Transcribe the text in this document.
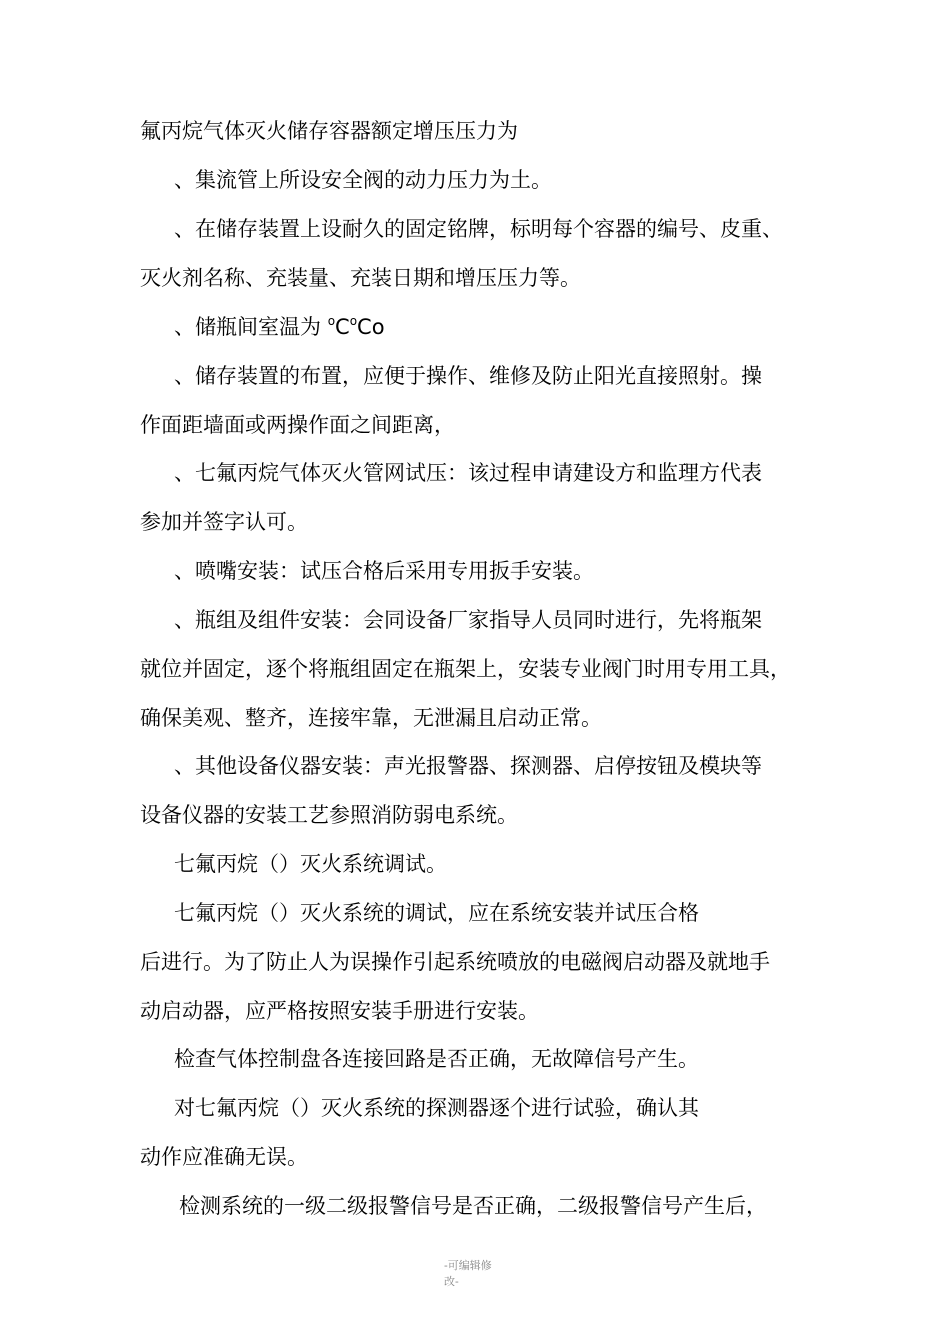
氟丙烷气体灭火储存容器额定增压压力为
、集流管上所设安全阀的动力压力为土。
、在储存装置上设耐久的固定铭牌，标明每个容器的编号、皮重、
灭火剂名称、充装量、充装日期和增压压力等。
、储瓶间室温为 $^oC^oCo$
、储存装置的布置，应便于操作、维修及防止阳光直接照射。操
作面距墙面或两操作面之间距离，
、七氟丙烷气体灭火管网试压：该过程申请建设方和监理方代表
参加并签字认可。
、喷嘴安装：试压合格后采用专用扳手安装。
、瓶组及组件安装：会同设备厂家指导人员同时进行，先将瓶架
就位并固定，逐个将瓶组固定在瓶架上，安装专业阀门时用专用工具，
确保美观、整齐，连接牢靠，无泄漏且启动正常。
、其他设备仪器安装：声光报警器、探测器、启停按钮及模块等
设备仪器的安装工艺参照消防弱电系统。
七氟丙烷（）灭火系统调试。
七氟丙烷（）灭火系统的调试，应在系统安装并试压合格
后进行。为了防止人为误操作引起系统喷放的电磁阀启动器及就地手
动启动器，应严格按照安装手册进行安装。
检查气体控制盘各连接回路是否正确，无故障信号产生。
对七氟丙烷（）灭火系统的探测器逐个进行试验，确认其
动作应准确无误。
检测系统的一级二级报警信号是否正确，二级报警信号产生后，
-可编辑修
改-
